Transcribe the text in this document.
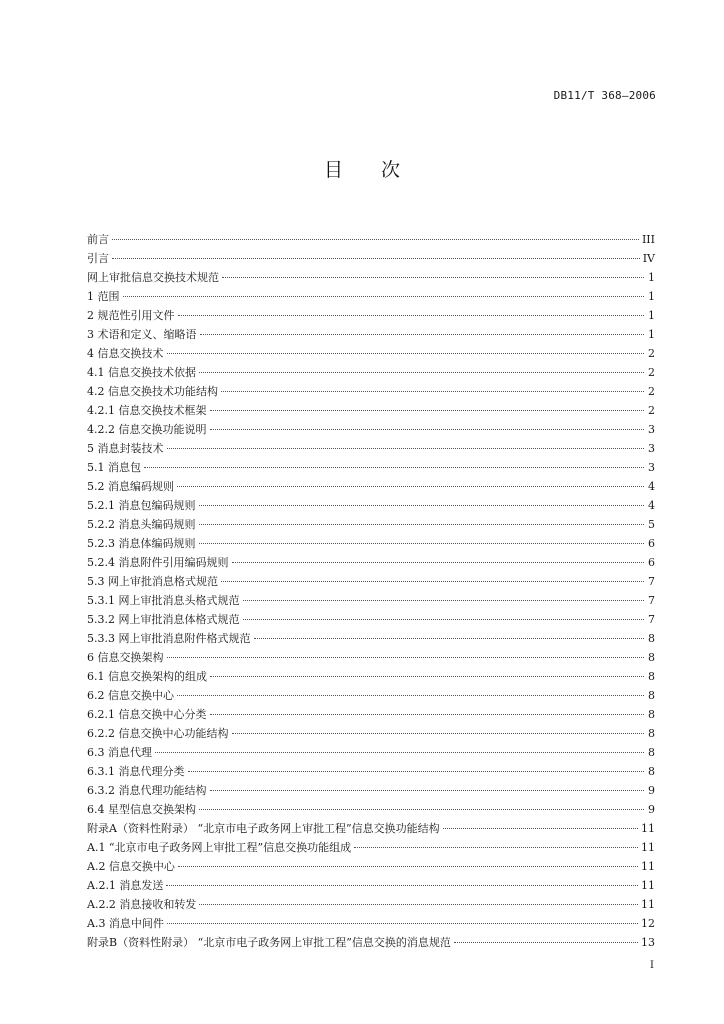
DB11/T 368—2006
目次
前言	III
引言	IV
网上审批信息交换技术规范	1
1 范围	1
2 规范性引用文件	1
3 术语和定义、缩略语	1
4 信息交换技术	2
4.1 信息交换技术依据	2
4.2 信息交换技术功能结构	2
4.2.1 信息交换技术框架	2
4.2.2 信息交换功能说明	3
5 消息封装技术	3
5.1 消息包	3
5.2 消息编码规则	4
5.2.1 消息包编码规则	4
5.2.2 消息头编码规则	5
5.2.3 消息体编码规则	6
5.2.4 消息附件引用编码规则	6
5.3 网上审批消息格式规范	7
5.3.1 网上审批消息头格式规范	7
5.3.2 网上审批消息体格式规范	7
5.3.3 网上审批消息附件格式规范	8
6 信息交换架构	8
6.1 信息交换架构的组成	8
6.2 信息交换中心	8
6.2.1 信息交换中心分类	8
6.2.2 信息交换中心功能结构	8
6.3 消息代理	8
6.3.1 消息代理分类	8
6.3.2 消息代理功能结构	9
6.4 星型信息交换架构	9
附录A（资料性附录） “北京市电子政务网上审批工程”信息交换功能结构	11
A.1 “北京市电子政务网上审批工程”信息交换功能组成	11
A.2 信息交换中心	11
A.2.1 消息发送	11
A.2.2 消息接收和转发	11
A.3 消息中间件	12
附录B（资料性附录） “北京市电子政务网上审批工程”信息交换的消息规范	13
I
